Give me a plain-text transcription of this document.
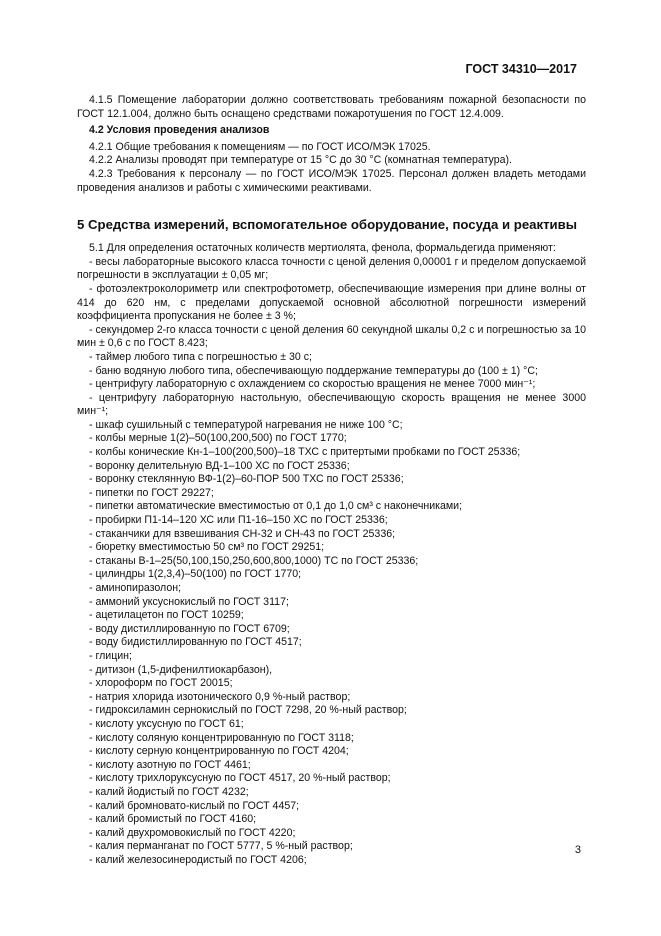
ГОСТ 34310—2017

4.1.5 Помещение лаборатории должно соответствовать требованиям пожарной безопасности по ГОСТ 12.1.004, должно быть оснащено средствами пожаротушения по ГОСТ 12.4.009.

4.2 Условия проведения анализов

4.2.1 Общие требования к помещениям — по ГОСТ ИСО/МЭК 17025.

4.2.2 Анализы проводят при температуре от 15 °С до 30 °С (комнатная температура).

4.2.3 Требования к персоналу — по ГОСТ ИСО/МЭК 17025. Персонал должен владеть методами проведения анализов и работы с химическими реактивами.

5 Средства измерений, вспомогательное оборудование, посуда и реактивы

5.1 Для определения остаточных количеств мертиолята, фенола, формальдегида применяют:

- весы лабораторные высокого класса точности с ценой деления 0,00001 г и пределом допускаемой погрешности в эксплуатации ± 0,05 мг;

- фотоэлектроколориметр или спектрофотометр, обеспечивающие измерения при длине волны от 414 до 620 нм, с пределами допускаемой основной абсолютной погрешности измерений коэффициента пропускания не более ± 3 %;

- секундомер 2-го класса точности с ценой деления 60 секундной шкалы 0,2 с и погрешностью за 10 мин ± 0,6 с по ГОСТ 8.423;

- таймер любого типа с погрешностью ± 30 с;

- баню водяную любого типа, обеспечивающую поддержание температуры до (100 ± 1) °С;

- центрифугу лабораторную с охлаждением со скоростью вращения не менее 7000 мин⁻¹;

- центрифугу лабораторную настольную, обеспечивающую скорость вращения не менее 3000 мин⁻¹;

- шкаф сушильный с температурой нагревания не ниже 100 °С;

- колбы мерные 1(2)–50(100,200,500) по ГОСТ 1770;

- колбы конические Кн-1–100(200,500)–18 ТХС с притертыми пробками по ГОСТ 25336;

- воронку делительную ВД-1–100 ХС по ГОСТ 25336;

- воронку стеклянную ВФ-1(2)–60-ПОР 500 ТХС по ГОСТ 25336;

- пипетки по ГОСТ 29227;

- пипетки автоматические вместимостью от 0,1 до 1,0 см³ с наконечниками;

- пробирки П1-14–120 ХС или П1-16–150 ХС по ГОСТ 25336;

- стаканчики для взвешивания СН-32 и СН-43 по ГОСТ 25336;

- бюретку вместимостью 50 см³ по ГОСТ 29251;

- стаканы В-1–25(50,100,150,250,600,800,1000) ТС по ГОСТ 25336;

- цилиндры 1(2,3,4)–50(100) по ГОСТ 1770;

- аминопиразолон;

- аммоний уксуснокислый по ГОСТ 3117;

- ацетилацетон по ГОСТ 10259;

- воду дистиллированную по ГОСТ 6709;

- воду бидистиллированную по ГОСТ 4517;

- глицин;

- дитизон (1,5-дифенилтиокарбазон),

- хлороформ по ГОСТ 20015;

- натрия хлорида изотонического 0,9 %-ный раствор;

- гидроксиламин сернокислый по ГОСТ 7298, 20 %-ный раствор;

- кислоту уксусную по ГОСТ 61;

- кислоту соляную концентрированную по ГОСТ 3118;

- кислоту серную концентрированную по ГОСТ 4204;

- кислоту азотную по ГОСТ 4461;

- кислоту трихлоруксусную по ГОСТ 4517, 20 %-ный раствор;

- калий йодистый по ГОСТ 4232;

- калий бромновато-кислый по ГОСТ 4457;

- калий бромистый по ГОСТ 4160;

- калий двухромовокислый по ГОСТ 4220;

- калия перманганат по ГОСТ 5777, 5 %-ный раствор;

- калий железосинеродистый по ГОСТ 4206;

3
